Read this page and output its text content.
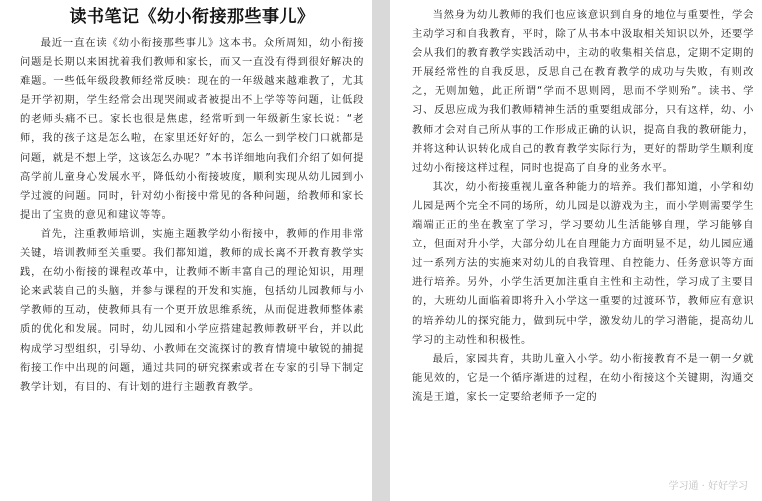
读书笔记《幼小衔接那些事儿》

最近一直在读《幼小衔接那些事儿》这本书。众所周知，幼小衔接问题是长期以来困扰着我们教师和家长，而又一直没有得到很好解决的难题。一些低年级段教师经常反映：现在的一年级越来越难教了，尤其是开学初期，学生经常会出现哭闹或者被提出不上学等等问题，让低段的老师头痛不已。家长也很是焦虑，经常听到一年级新生家长说：“老师，我的孩子这是怎么啦，在家里还好好的，怎么一到学校门口就都是问题，就是不想上学，这该怎么办呢？”本书详细地向我们介绍了如何提高学前儿童身心发展水平，降低幼小衔接坡度，顺利实现从幼儿园到小学过渡的问题。同时，针对幼小衔接中常见的各种问题，给教师和家长提出了宝贵的意见和建议等等。

首先，注重教师培训，实施主题教学幼小衔接中，教师的作用非常关键，培训教师至关重要。我们都知道，教师的成长离不开教育教学实践，在幼小衔接的课程改革中，让教师不断丰富自己的理论知识，用理论来武装自己的头脑，并参与课程的开发和实施，包括幼儿园教师与小学教师的互动，使教师具有一个更开放思维系统，从而促进教师整体素质的优化和发展。同时，幼儿园和小学应搭建起教师教研平台，并以此构成学习型组织，引导幼、小教师在交流探讨的教育情境中敏锐的捕捉衔接工作中出现的问题，通过共同的研究探索或者在专家的引导下制定教学计划，有目的、有计划的进行主题教育教学。

当然身为幼儿教师的我们也应该意识到自身的地位与重要性，学会主动学习和自我教育，平时，除了从书本中汲取相关知识以外，还要学会从我们的教育教学实践活动中，主动的收集相关信息，定期不定期的开展经常性的自我反思，反思自己在教育教学的成功与失败，有则改之，无则加勉，此正所谓“学而不思则罔，思而不学则殆”。读书、学习、反思应成为我们教师精神生活的重要组成部分，只有这样，幼、小教师才会对自己所从事的工作形成正确的认识，提高自我的教研能力，并将这种认识转化成自己的教育教学实际行为，更好的帮助学生顺利度过幼小衔接这样过程，同时也提高了自身的业务水平。

其次，幼小衔接重视儿童各种能力的培养。我们都知道，小学和幼儿园是两个完全不同的场所，幼儿园是以游戏为主，而小学则需要学生端端正正的坐在教室了学习，学习要幼儿生活能够自理，学习能够自立，但面对升小学，大部分幼儿在自理能力方面明显不足，幼儿园应通过一系列方法的实施来对幼儿的自我管理、自控能力、任务意识等方面进行培养。另外，小学生活更加注重自主性和主动性，学习成了主要目的，大班幼儿面临着即将升入小学这一重要的过渡环节，教师应有意识的培养幼儿的探究能力，做到玩中学，激发幼儿的学习潜能，提高幼儿学习的主动性和积极性。

最后，家园共育，共助儿童入小学。幼小衔接教育不是一朝一夕就能见效的，它是一个循序渐进的过程，在幼小衔接这个关键期，沟通交流是王道，家长一定要给老师予一定的

学习通 · 好好学习
